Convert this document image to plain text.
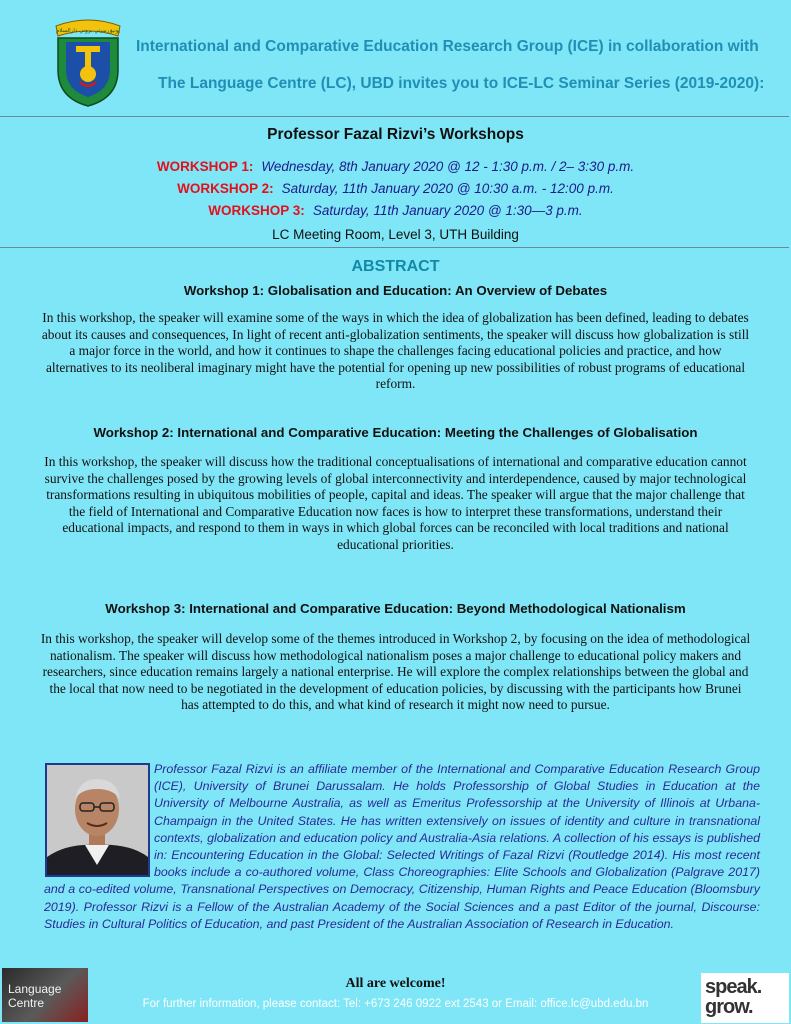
يونيۏرسيتي بروني دارالسلام
International and Comparative Education Research Group (ICE) in collaboration with
The Language Centre (LC), UBD invites you to ICE-LC Seminar Series (2019-2020):
Professor Fazal Rizvi’s Workshops
WORKSHOP 1: Wednesday, 8th January 2020 @ 12 - 1:30 p.m. / 2– 3:30 p.m.
WORKSHOP 2: Saturday, 11th January 2020 @ 10:30 a.m. - 12:00 p.m.
WORKSHOP 3: Saturday, 11th January 2020 @ 1:30—3 p.m.
LC Meeting Room, Level 3, UTH Building
ABSTRACT
Workshop 1: Globalisation and Education: An Overview of Debates
In this workshop, the speaker will examine some of the ways in which the idea of globalization has been defined, leading to debates about its causes and consequences, In light of recent anti-globalization sentiments, the speaker will discuss how globalization is still a major force in the world, and how it continues to shape the challenges facing educational policies and practice, and how alternatives to its neoliberal imaginary might have the potential for opening up new possibilities of robust programs of educational reform.
Workshop 2: International and Comparative Education: Meeting the Challenges of Globalisation
In this workshop, the speaker will discuss how the traditional conceptualisations of international and comparative education cannot survive the challenges posed by the growing levels of global interconnectivity and interdependence, caused by major technological transformations resulting in ubiquitous mobilities of people, capital and ideas. The speaker will argue that the major challenge that the field of International and Comparative Education now faces is how to interpret these transformations, understand their educational impacts, and respond to them in ways in which global forces can be reconciled with local traditions and national educational priorities.
Workshop 3: International and Comparative Education: Beyond Methodological Nationalism
In this workshop, the speaker will develop some of the themes introduced in Workshop 2, by focusing on the idea of methodological nationalism. The speaker will discuss how methodological nationalism poses a major challenge to educational policy makers and researchers, since education remains largely a national enterprise. He will explore the complex relationships between the global and the local that now need to be negotiated in the development of education policies, by discussing with the participants how Brunei has attempted to do this, and what kind of research it might now need to pursue.
Professor Fazal Rizvi is an affiliate member of the International and Comparative Education Research Group (ICE), University of Brunei Darussalam. He holds Professorship of Global Studies in Education at the University of Melbourne Australia, as well as Emeritus Professorship at the University of Illinois at Urbana-Champaign in the United States. He has written extensively on issues of identity and culture in transnational contexts, globalization and education policy and Australia-Asia relations. A collection of his essays is published in: Encountering Education in the Global: Selected Writings of Fazal Rizvi (Routledge 2014). His most recent books include a co-authored volume, Class Choreographies: Elite Schools and Globalization (Palgrave 2017) and a co-edited volume, Transnational Perspectives on Democracy, Citizenship, Human Rights and Peace Education (Bloomsbury 2019). Professor Rizvi is a Fellow of the Australian Academy of the Social Sciences and a past Editor of the journal, Discourse: Studies in Cultural Politics of Education, and past President of the Australian Association of Research in Education.
Language
Centre
All are welcome!
For further information, please contact: Tel: +673 246 0922 ext 2543 or Email: office.lc@ubd.edu.bn
speak.
grow.
